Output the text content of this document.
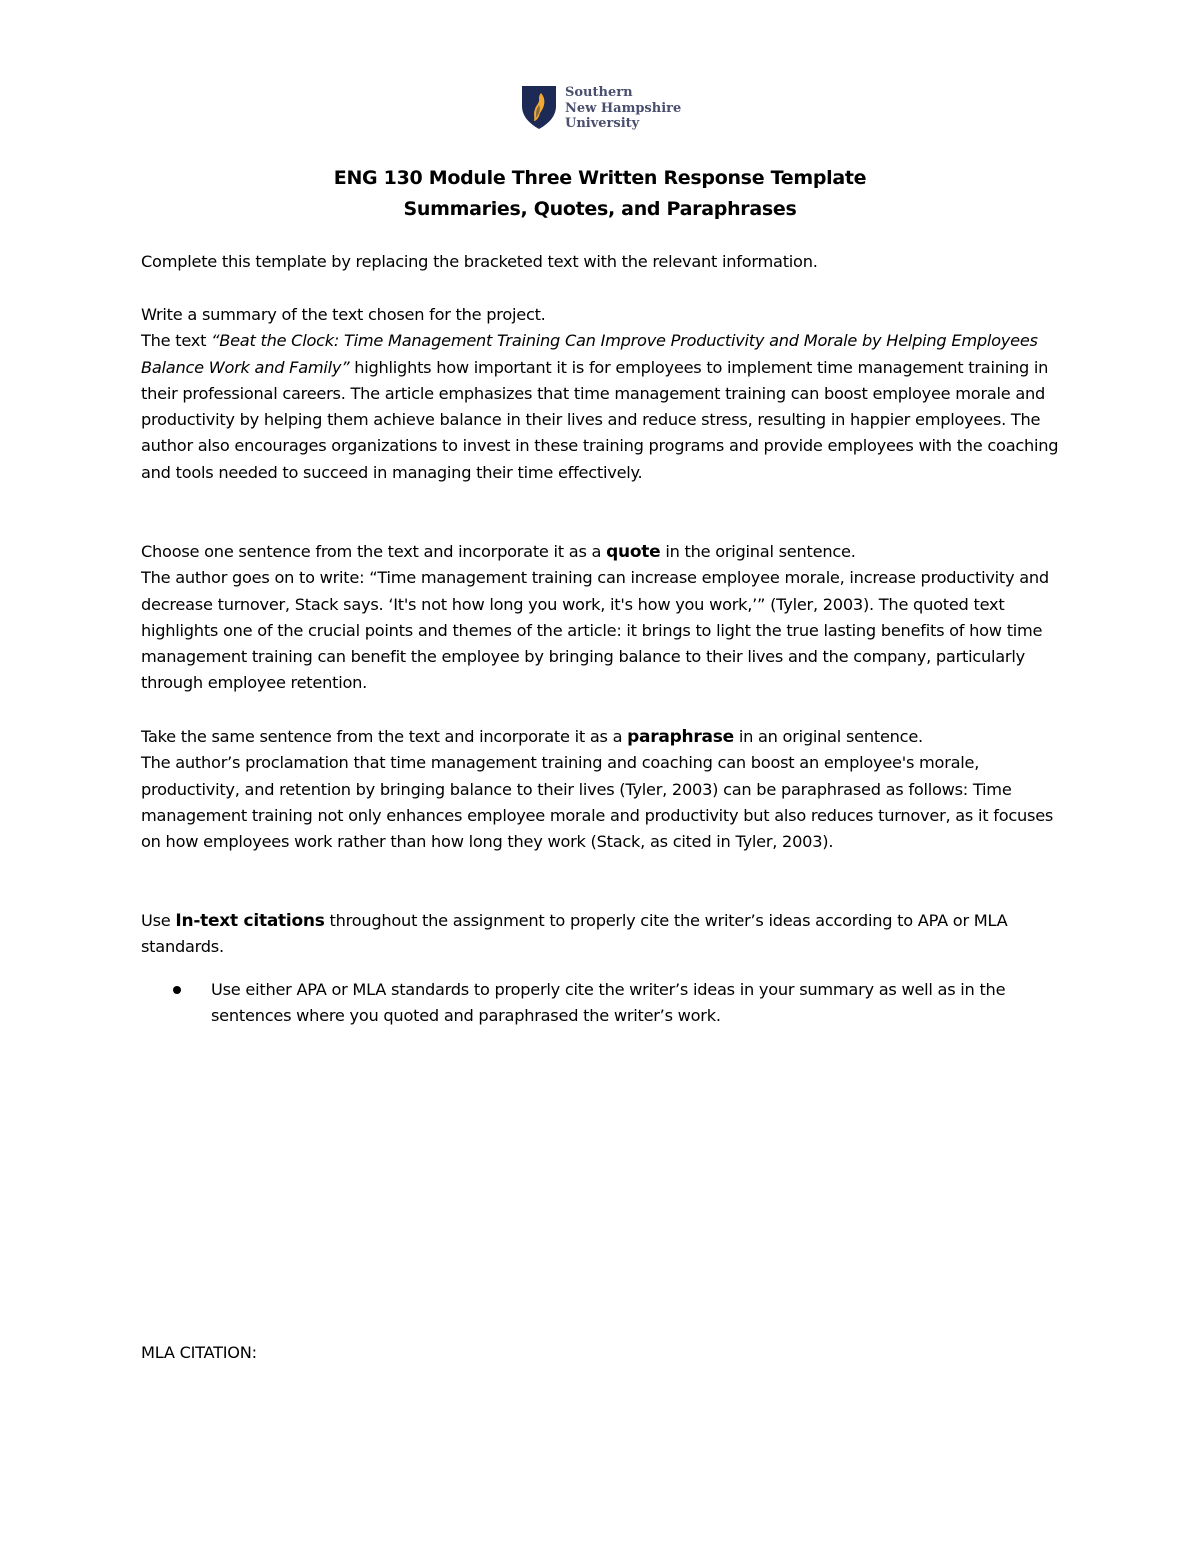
Southern
New Hampshire
University
ENG 130 Module Three Written Response Template
Summaries, Quotes, and Paraphrases

Complete this template by replacing the bracketed text with the relevant information.

Write a summary of the text chosen for the project.

The text “Beat the Clock: Time Management Training Can Improve Productivity and Morale by Helping Employees Balance Work and Family” highlights how important it is for employees to implement time management training in their professional careers. The article emphasizes that time management training can boost employee morale and productivity by helping them achieve balance in their lives and reduce stress, resulting in happier employees. The author also encourages organizations to invest in these training programs and provide employees with the coaching and tools needed to succeed in managing their time effectively.

Choose one sentence from the text and incorporate it as a quote in the original sentence.

The author goes on to write: “Time management training can increase employee morale, increase productivity and decrease turnover, Stack says. ‘It's not how long you work, it's how you work,’” (Tyler, 2003). The quoted text highlights one of the crucial points and themes of the article: it brings to light the true lasting benefits of how time management training can benefit the employee by bringing balance to their lives and the company, particularly through employee retention.

Take the same sentence from the text and incorporate it as a paraphrase in an original sentence.

The author’s proclamation that time management training and coaching can boost an employee's morale, productivity, and retention by bringing balance to their lives (Tyler, 2003) can be paraphrased as follows: Time management training not only enhances employee morale and productivity but also reduces turnover, as it focuses on how employees work rather than how long they work (Stack, as cited in Tyler, 2003).

Use In-text citations throughout the assignment to properly cite the writer’s ideas according to APA or MLA standards.

Use either APA or MLA standards to properly cite the writer’s ideas in your summary as well as in the sentences where you quoted and paraphrased the writer’s work.

MLA CITATION:
